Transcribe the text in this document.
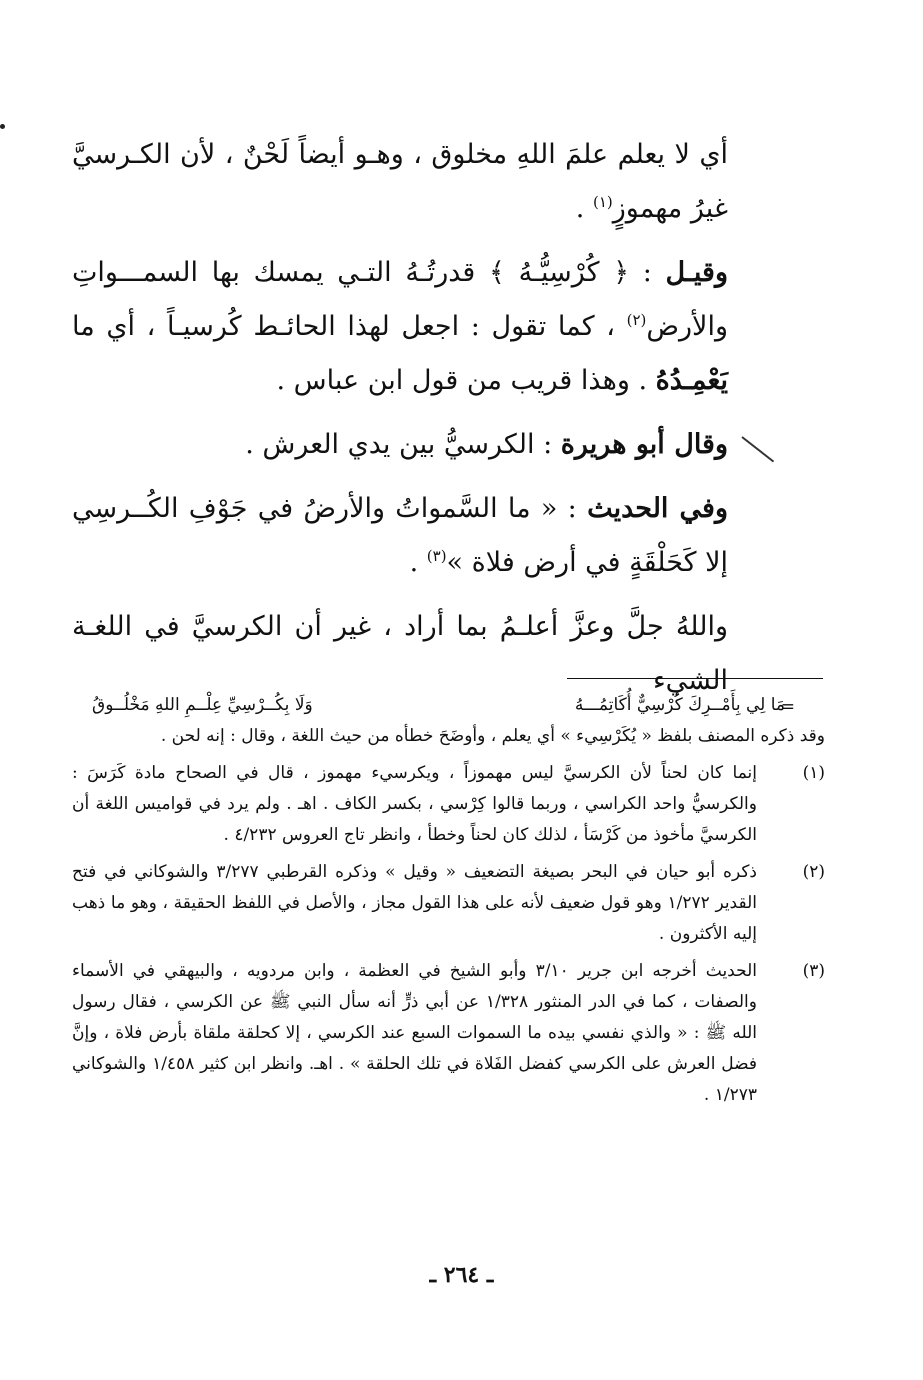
أي لا يعلم علمَ اللهِ مخلوق ، وهـو أيضاً لَحْنٌ ، لأن الكـرسيَّ غيرُ مهموزٍ$^{(١)}$ .

وقيـل : ﴿ كُرْسِيُّـهُ ﴾ قدرتُـهُ التـي يمسك بها السمـــواتِ والأرض$^{(٢)}$ ، كما تقول : اجعل لهذا الحائـط كُرسيـاً ، أي ما يَعْمِـدُهُ . وهذا قريب من قول ابن عباس .

وقال أبو هريرة : الكرسيُّ بين يدي العرش .

وفي الحديث : « ما السَّمواتُ والأرضُ في جَوْفِ الكُــرسِي إلا كَحَلْقَةٍ في أرض فلاة »$^{(٣)}$ .

واللهُ جلَّ وعزَّ أعلـمُ بما أراد ، غير أن الكرسيَّ في اللغـة الشيء

=
مَا لِي بِأَمْــرِكَ كُرْسِيٌّ أُكَاتِمُـــهُ
وَلَا بِكُــرْسِيِّ عِلْــمِ اللهِ مَخْلُــوقُ

وقد ذكره المصنف بلفظ « يُكَرْسِيء » أي يعلم ، وأوضَحَ خطأه من حيث اللغة ، وقال : إنه لحن .

(١)

إنما كان لحناً لأن الكرسيَّ ليس مهموزاً ، ويكرسيء مهموز ، قال في الصحاح مادة كَرَسَ : والكرسيُّ واحد الكراسي ، وربما قالوا كِرْسي ، بكسر الكاف . اهـ . ولم يرد في قواميس اللغة أن الكرسيَّ مأخوذ من كَرْسَأ ، لذلك كان لحناً وخطأ ، وانظر تاج العروس ٤/٢٣٢ .

(٢)

ذكره أبو حيان في البحر بصيغة التضعيف « وقيل » وذكره القرطبي ٣/٢٧٧ والشوكاني في فتح القدير ١/٢٧٢ وهو قول ضعيف لأنه على هذا القول مجاز ، والأصل في اللفظ الحقيقة ، وهو ما ذهب إليه الأكثرون .

(٣)

الحديث أخرجه ابن جرير ٣/١٠ وأبو الشيخ في العظمة ، وابن مردويه ، والبيهقي في الأسماء والصفات ، كما في الدر المنثور ١/٣٢٨ عن أبي ذرٍّ أنه سأل النبي ﷺ عن الكرسي ، فقال رسول الله ﷺ : « والذي نفسي بيده ما السموات السبع عند الكرسي ، إلا كحلقة ملقاة بأرض فلاة ، وإنَّ فضل العرش على الكرسي كفضل الفَلاة في تلك الحلقة » . اهـ. وانظر ابن كثير ١/٤٥٨ والشوكاني ١/٢٧٣ .

ـ ٢٦٤ ـ
